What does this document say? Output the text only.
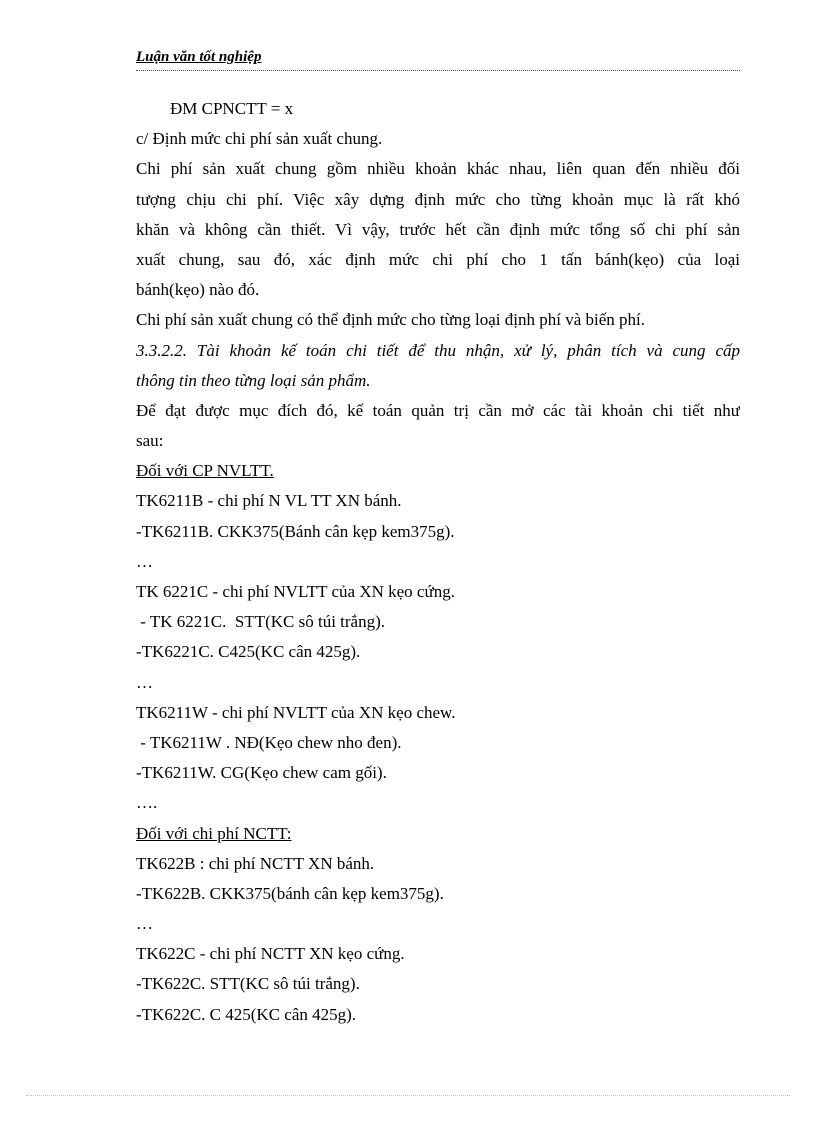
Luận văn tốt nghiệp
ĐM CPNCTT = x
c/ Định mức chi phí sản xuất chung.
Chi phí sản xuất chung gồm nhiều khoản khác nhau, liên quan đến nhiều đối
tượng chịu chi phí. Việc xây dựng định mức cho từng khoản mục là rất khó
khăn và không cần thiết. Vì vậy, trước hết cần định mức tổng số chi phí sản
xuất chung, sau đó, xác định mức chi phí cho 1 tấn bánh(kẹo) của loại
bánh(kẹo) nào đó.
Chi phí sản xuất chung có thể định mức cho từng loại định phí và biến phí.
3.3.2.2. Tài khoản kế toán chi tiết để thu nhận, xử lý, phân tích và cung cấp
thông tin theo từng loại sản phẩm.
Để đạt được mục đích đó, kế toán quản trị cần mở các tài khoản chi tiết như
sau:
Đối với CP NVLTT.
TK6211B - chi phí N VL TT XN bánh.
-TK6211B. CKK375(Bánh cân kẹp kem375g).
…
TK 6221C - chi phí NVLTT của XN kẹo cứng.
- TK 6221C.  STT(KC sô túi trắng).
-TK6221C. C425(KC cân 425g).
…
TK6211W - chi phí NVLTT của XN kẹo chew.
- TK6211W . NĐ(Kẹo chew nho đen).
-TK6211W. CG(Kẹo chew cam gối).
….
Đối với chi phí NCTT:
TK622B : chi phí NCTT XN bánh.
-TK622B. CKK375(bánh cân kẹp kem375g).
…
TK622C - chi phí NCTT XN kẹo cứng.
-TK622C. STT(KC sô túi trắng).
-TK622C. C 425(KC cân 425g).
